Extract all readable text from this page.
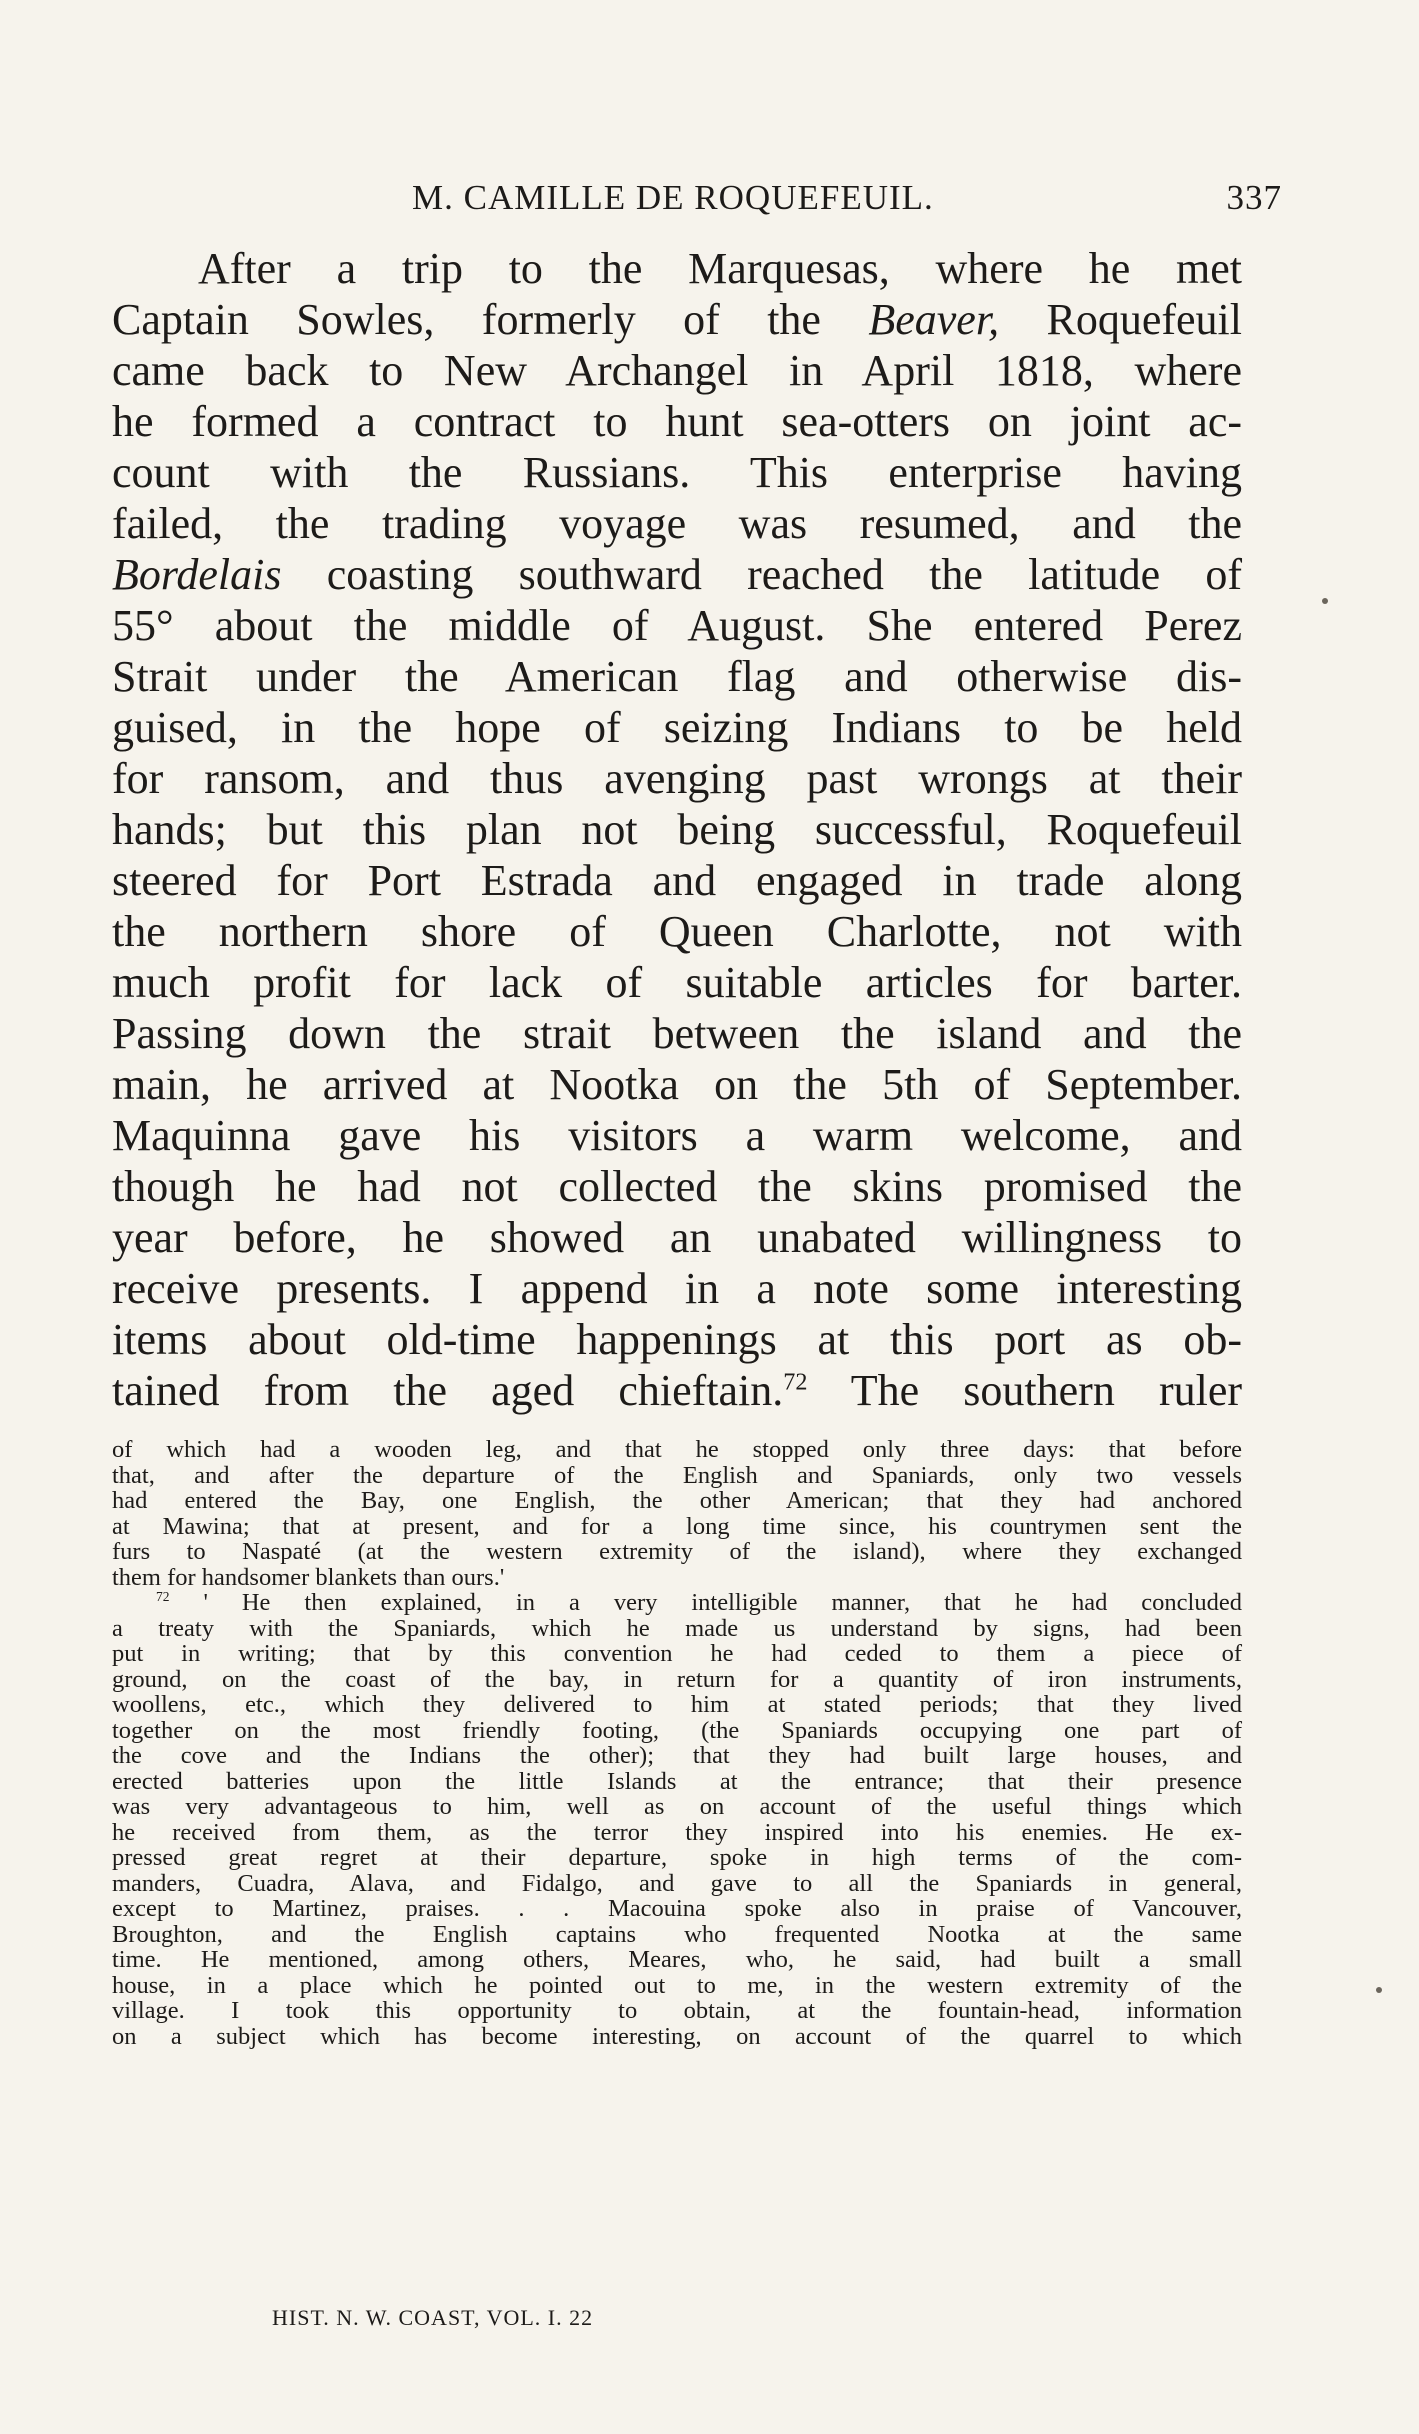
M. CAMILLE DE ROQUEFEUIL.	337
After a trip to the Marquesas, where he met
Captain Sowles, formerly of the Beaver, Roquefeuil
came back to New Archangel in April 1818, where
he formed a contract to hunt sea-otters on joint ac-
count with the Russians. This enterprise having
failed, the trading voyage was resumed, and the
Bordelais coasting southward reached the latitude of
55° about the middle of August. She entered Perez
Strait under the American flag and otherwise dis-
guised, in the hope of seizing Indians to be held
for ransom, and thus avenging past wrongs at their
hands; but this plan not being successful, Roquefeuil
steered for Port Estrada and engaged in trade along
the northern shore of Queen Charlotte, not with
much profit for lack of suitable articles for barter.
Passing down the strait between the island and the
main, he arrived at Nootka on the 5th of September.
Maquinna gave his visitors a warm welcome, and
though he had not collected the skins promised the
year before, he showed an unabated willingness to
receive presents. I append in a note some interesting
items about old-time happenings at this port as ob-
tained from the aged chieftain.$^{72}$ The southern ruler
of which had a wooden leg, and that he stopped only three days: that before
that, and after the departure of the English and Spaniards, only two vessels
had entered the Bay, one English, the other American; that they had anchored
at Mawina; that at present, and for a long time since, his countrymen sent the
furs to Naspaté (at the western extremity of the island), where they exchanged
them for handsomer blankets than ours.'
$^{72}$ ' He then explained, in a very intelligible manner, that he had concluded
a treaty with the Spaniards, which he made us understand by signs, had been
put in writing; that by this convention he had ceded to them a piece of
ground, on the coast of the bay, in return for a quantity of iron instruments,
woollens, etc., which they delivered to him at stated periods; that they lived
together on the most friendly footing, (the Spaniards occupying one part of
the cove and the Indians the other); that they had built large houses, and
erected batteries upon the little Islands at the entrance; that their presence
was very advantageous to him, well as on account of the useful things which
he received from them, as the terror they inspired into his enemies. He ex-
pressed great regret at their departure, spoke in high terms of the com-
manders, Cuadra, Alava, and Fidalgo, and gave to all the Spaniards in general,
except to Martinez, praises. . . Macouina spoke also in praise of Vancouver,
Broughton, and the English captains who frequented Nootka at the same
time. He mentioned, among others, Meares, who, he said, had built a small
house, in a place which he pointed out to me, in the western extremity of the
village. I took this opportunity to obtain, at the fountain-head, information
on a subject which has become interesting, on account of the quarrel to which
HIST. N. W. COAST, VOL. I. 22
